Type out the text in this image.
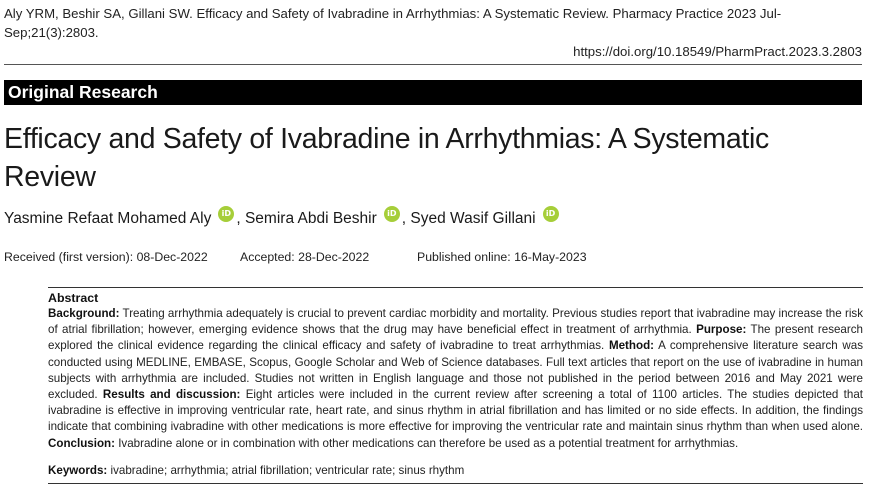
Aly YRM, Beshir SA, Gillani SW. Efficacy and Safety of Ivabradine in Arrhythmias: A Systematic Review. Pharmacy Practice 2023 Jul-Sep;21(3):2803.
https://doi.org/10.18549/PharmPract.2023.3.2803
Original Research
Efficacy and Safety of Ivabradine in Arrhythmias: A Systematic Review
Yasmine Refaat Mohamed Aly	iD , Semira Abdi Beshir	iD , Syed Wasif Gillani	iD
Received (first version): 08-Dec-2022	Accepted: 28-Dec-2022	Published online: 16-May-2023
Abstract
Background: Treating arrhythmia adequately is crucial to prevent cardiac morbidity and mortality. Previous studies report that ivabradine may increase the risk of atrial fibrillation; however, emerging evidence shows that the drug may have beneficial effect in treatment of arrhythmia. Purpose: The present research explored the clinical evidence regarding the clinical efficacy and safety of ivabradine to treat arrhythmias. Method: A comprehensive literature search was conducted using MEDLINE, EMBASE, Scopus, Google Scholar and Web of Science databases. Full text articles that report on the use of ivabradine in human subjects with arrhythmia are included. Studies not written in English language and those not published in the period between 2016 and May 2021 were excluded. Results and discussion: Eight articles were included in the current review after screening a total of 1100 articles. The studies depicted that ivabradine is effective in improving ventricular rate, heart rate, and sinus rhythm in atrial fibrillation and has limited or no side effects. In addition, the findings indicate that combining ivabradine with other medications is more effective for improving the ventricular rate and maintain sinus rhythm than when used alone. Conclusion: Ivabradine alone or in combination with other medications can therefore be used as a potential treatment for arrhythmias.
Keywords: ivabradine; arrhythmia; atrial fibrillation; ventricular rate; sinus rhythm
